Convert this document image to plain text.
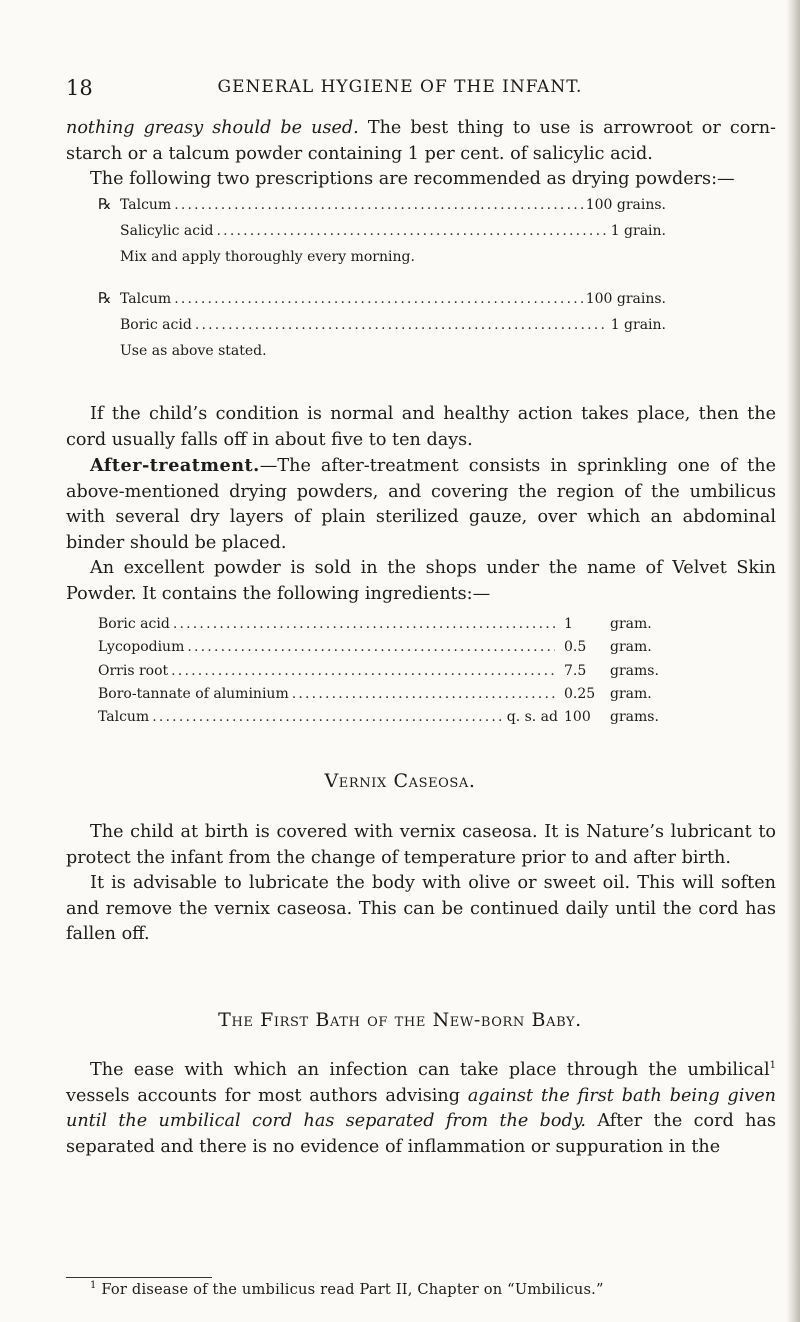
18	GENERAL HYGIENE OF THE INFANT.

nothing greasy should be used. The best thing to use is arrowroot or corn-starch or a talcum powder containing 1 per cent. of salicylic acid.

The following two prescriptions are recommended as drying powders:—

℞ Talcum .....	100 grains.
Salicylic acid .....	1 grain.
Mix and apply thoroughly every morning.
℞ Talcum .....	100 grains.
Boric acid .....	1 grain.
Use as above stated.

If the child’s condition is normal and healthy action takes place, then the cord usually falls off in about five to ten days.

After-treatment.—The after-treatment consists in sprinkling one of the above-mentioned drying powders, and covering the region of the umbilicus with several dry layers of plain sterilized gauze, over which an abdominal binder should be placed.

An excellent powder is sold in the shops under the name of Velvet Skin Powder. It contains the following ingredients:—

Boric acid .....	1	gram.
Lycopodium .....	0.5	gram.
Orris root .....	7.5	grams.
Boro-tannate of aluminium .....	0.25	gram.
Talcum .....	q. s. ad 100	grams.
Vernix Caseosa.

The child at birth is covered with vernix caseosa. It is Nature’s lubricant to protect the infant from the change of temperature prior to and after birth.

It is advisable to lubricate the body with olive or sweet oil. This will soften and remove the vernix caseosa. This can be continued daily until the cord has fallen off.

The First Bath of the New-born Baby.

The ease with which an infection can take place through the umbilical$^1$ vessels accounts for most authors advising against the first bath being given until the umbilical cord has separated from the body. After the cord has separated and there is no evidence of inflammation or suppuration in the

$^1$ For disease of the umbilicus read Part II, Chapter on “Umbilicus.”
